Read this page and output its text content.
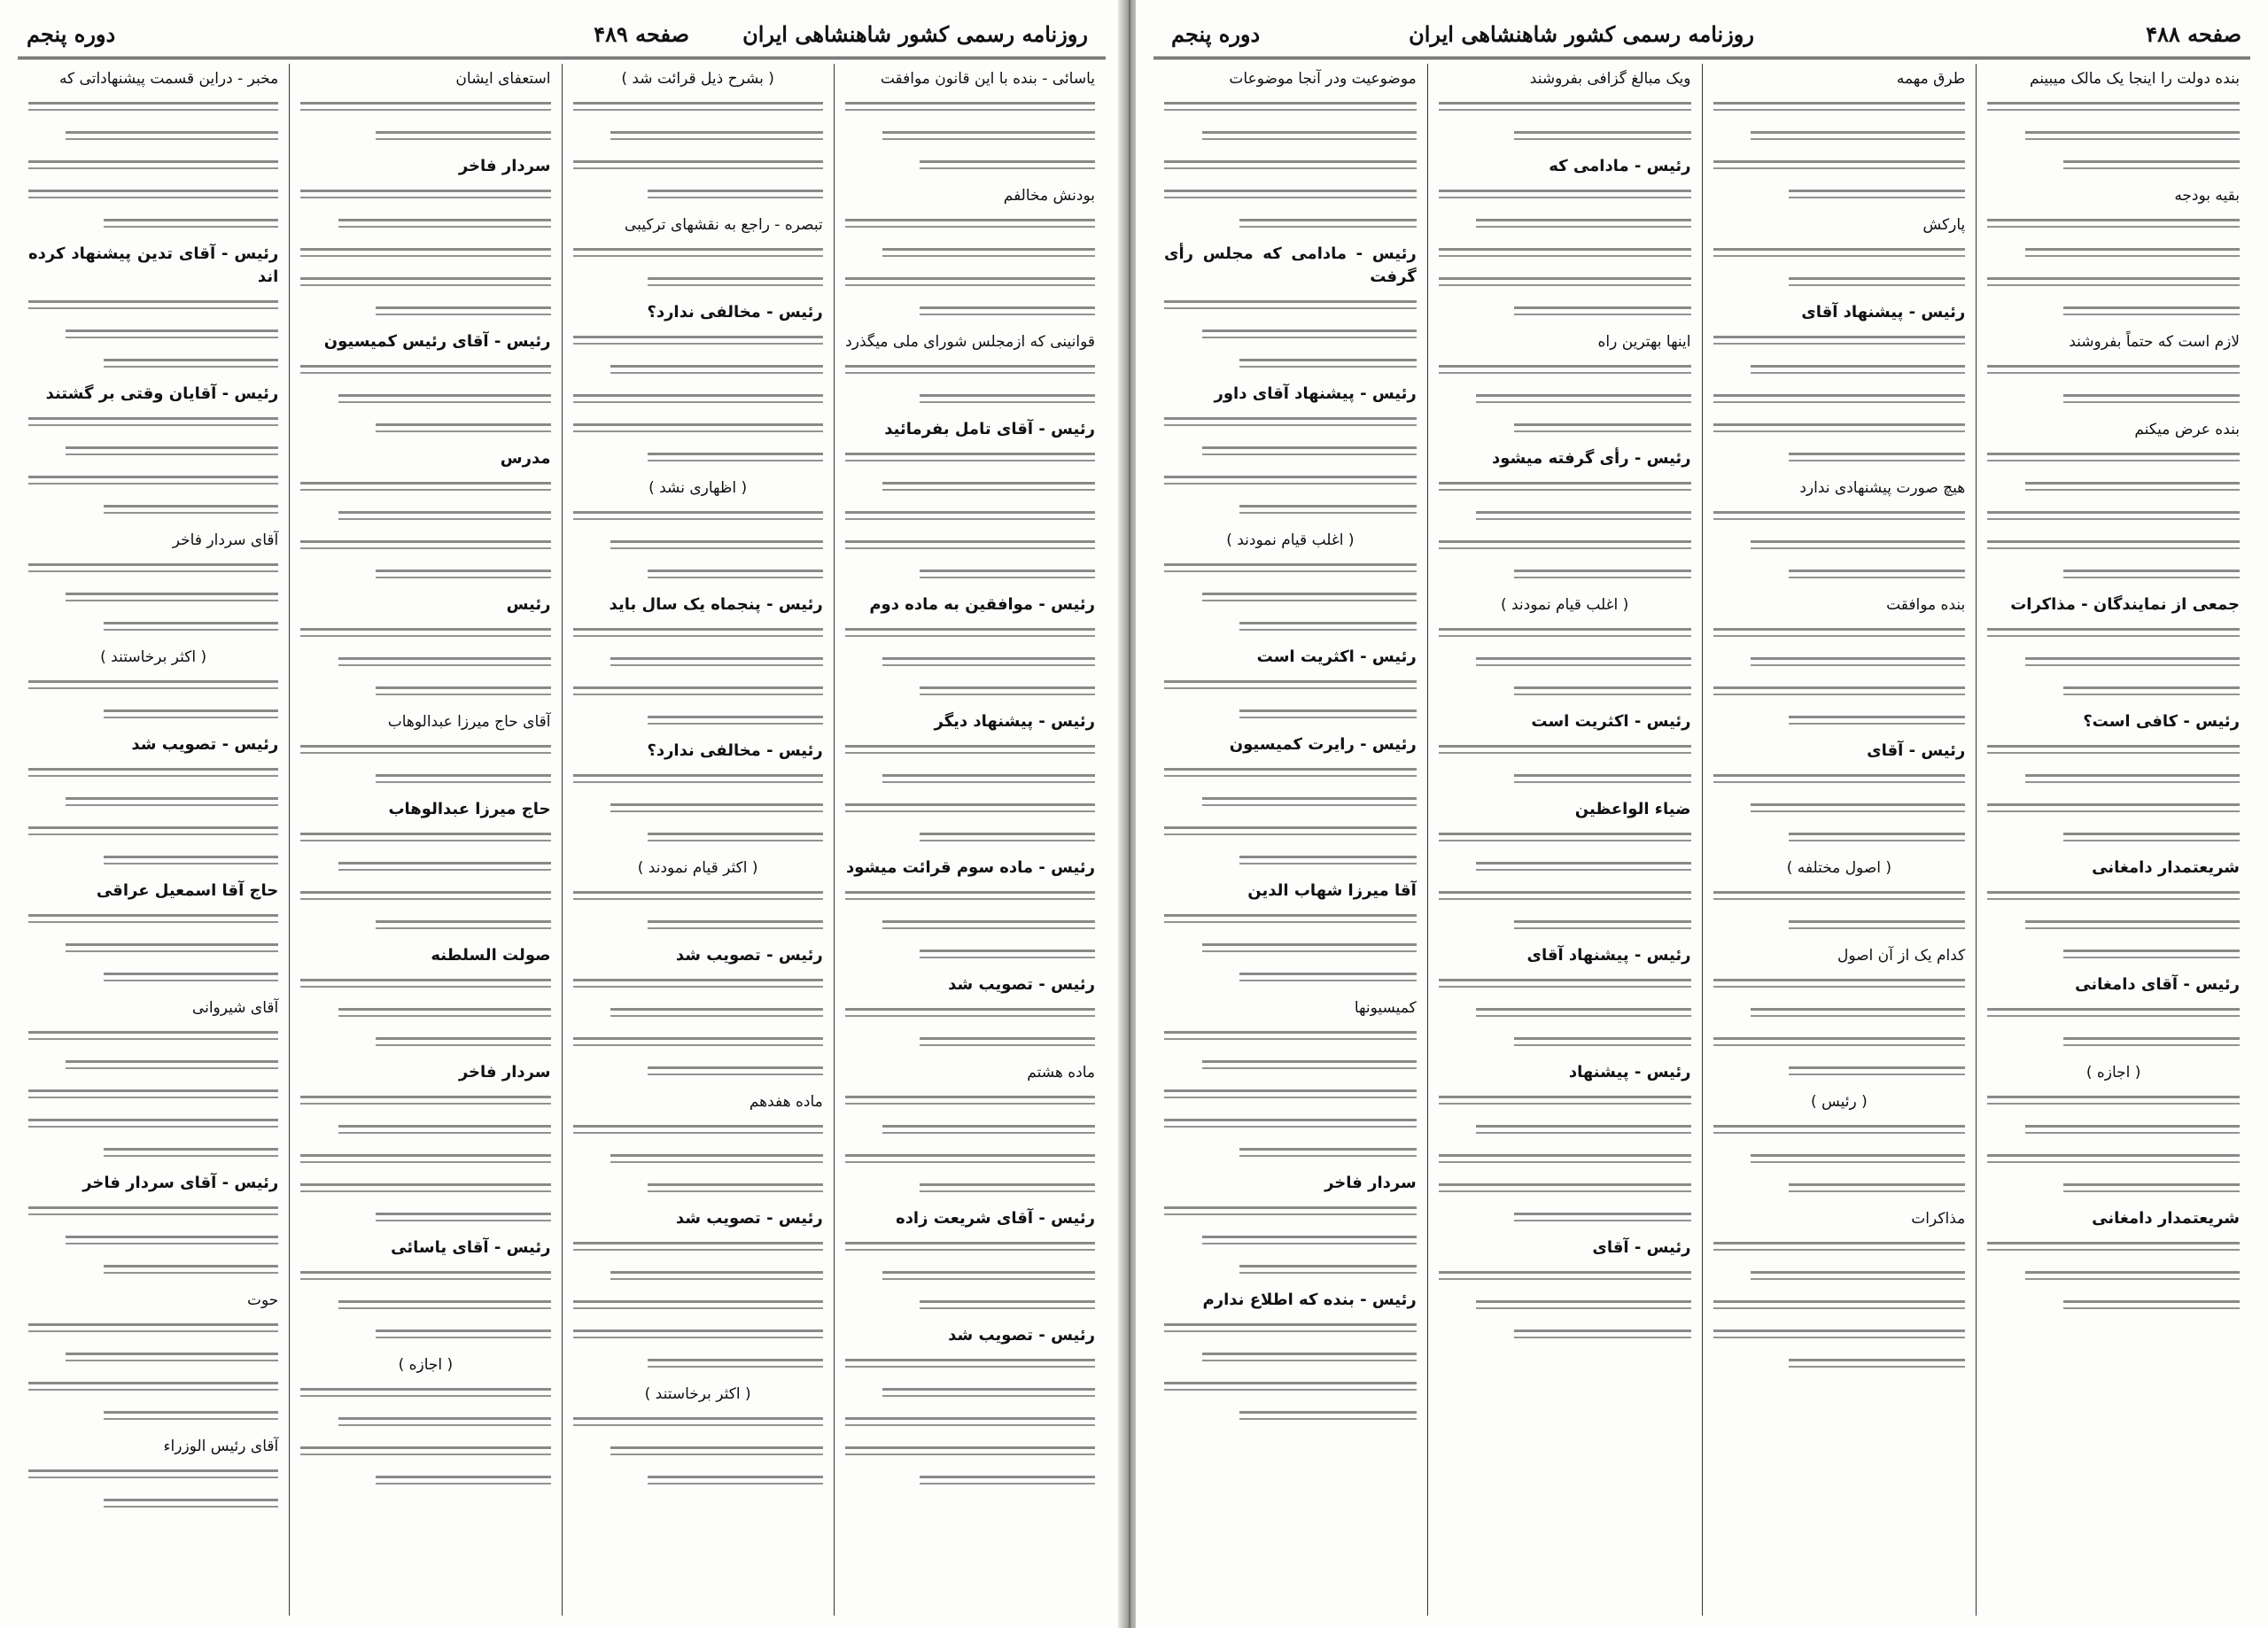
صفحه ۴۸۹	روزنامه رسمی کشور شاهنشاهی ایران
دوره پنجم

یاسائی - بنده با این قانون موافقت

بودنش مخالفم

قوانینی که ازمجلس شورای ملی میگذرد

رئیس - آقای تامل بفرمائید

رئیس - موافقین به ماده دوم

رئیس - پیشنهاد دیگر

رئیس - ماده سوم قرائت میشود

رئیس - تصویب شد

ماده هشتم

رئیس - آقای شریعت زاده

رئیس - تصویب شد

( بشرح ذیل قرائت شد )

تبصره - راجع به نقشهای ترکیبی

رئیس - مخالفی ندارد؟

( اظهاری نشد )

رئیس - پنجماه یک سال باید

رئیس - مخالفی ندارد؟

( اکثر قیام نمودند )

رئیس - تصویب شد

ماده هفدهم

رئیس - تصویب شد

( اکثر برخاستند )

استعفای ایشان

سردار فاخر

رئیس - آقای رئیس کمیسیون

مدرس

رئیس

آقای حاج میرزا عبدالوهاب

حاج میرزا عبدالوهاب

صولت السلطنه

سردار فاخر

رئیس - آقای یاسائی

( اجازه )

مخبر - دراین قسمت پیشنهاداتی که

رئیس - آقای تدین پیشنهاد کرده اند

رئیس - آقایان وقتی بر گشتند

آقای سردار فاخر

( اکثر برخاستند )

رئیس - تصویب شد

حاج آقا اسمعیل عراقی

آقای شیروانی

رئیس - آقای سردار فاخر

حوت

آقای رئیس الوزراء

صفحه ۴۸۸
روزنامه رسمی کشور شاهنشاهی ایران
دوره پنجم

بنده دولت را اینجا یک مالک میبینم

بقیه بودجه

لازم است که حتماً بفروشند

بنده عرض میکنم

جمعی از نمایندگان - مذاکرات

رئیس - کافی است؟

شریعتمدار دامغانی

رئیس - آقای دامغانی

( اجازه )

شریعتمدار دامغانی

طرق مهمه

پارکش

رئیس - پیشنهاد آقای

هیچ صورت پیشنهادی ندارد

بنده موافقت

رئیس - آقای

( اصول مختلفه )

کدام یک از آن اصول

( رئیس )

مذاکرات

ویک مبالغ گزافی بفروشند

رئیس - مادامی که

اینها بهترین راه

رئیس - رأی گرفته میشود

( اغلب قیام نمودند )

رئیس - اکثریت است

ضیاء الواعظین

رئیس - پیشنهاد آقای

رئیس - پیشنهاد

رئیس - آقای

موضوعیت ودر آنجا موضوعات

رئیس - مادامی که مجلس رأی گرفت

رئیس - پیشنهاد آقای داور

( اغلب قیام نمودند )

رئیس - اکثریت است

رئیس - رایرت کمیسیون

آقا میرزا شهاب الدین

کمیسیونها

سردار فاخر

رئیس - بنده که اطلاع ندارم
